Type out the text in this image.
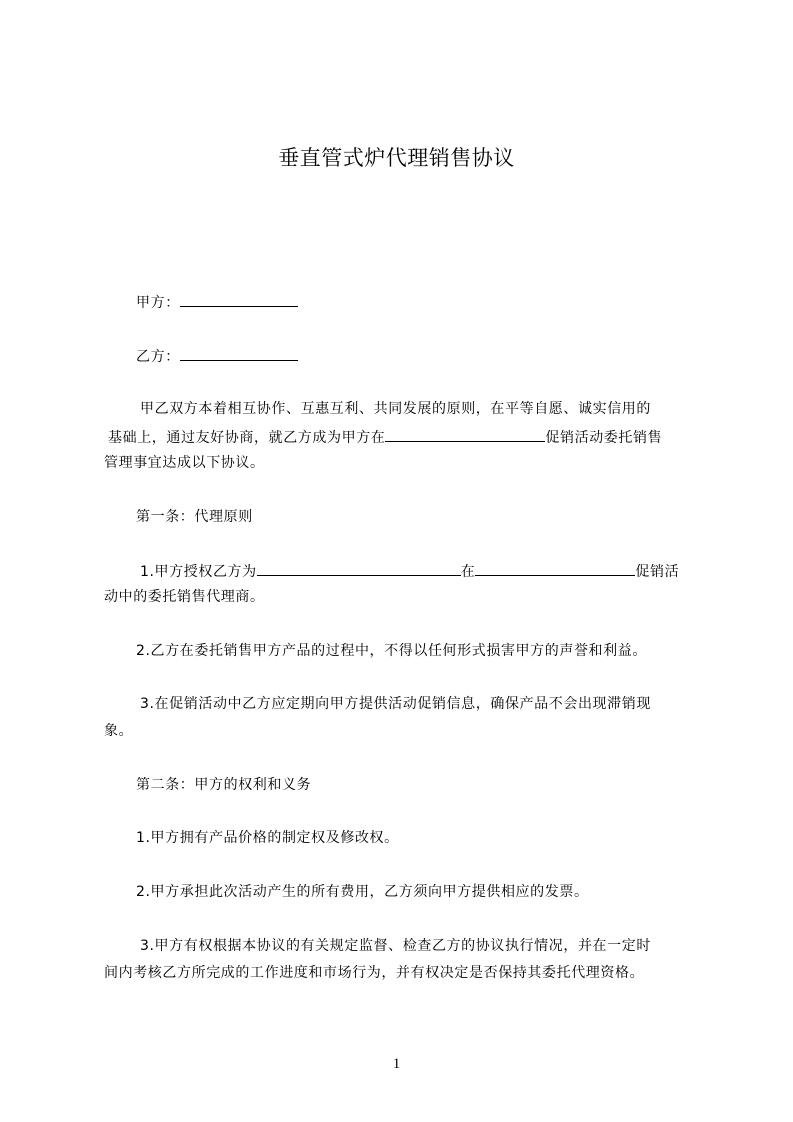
垂直管式炉代理销售协议
甲方：
乙方：
甲乙双方本着相互协作、互惠互利、共同发展的原则，在平等自愿、诚实信用的
基础上，通过友好协商，就乙方成为甲方在	促销活动委托销售
管理事宜达成以下协议。
第一条：代理原则
1.甲方授权乙方为	在	促销活
动中的委托销售代理商。
2.乙方在委托销售甲方产品的过程中，不得以任何形式损害甲方的声誉和利益。
3.在促销活动中乙方应定期向甲方提供活动促销信息，确保产品不会出现滞销现
象。
第二条：甲方的权利和义务
1.甲方拥有产品价格的制定权及修改权。
2.甲方承担此次活动产生的所有费用，乙方须向甲方提供相应的发票。
3.甲方有权根据本协议的有关规定监督、检查乙方的协议执行情况，并在一定时
间内考核乙方所完成的工作进度和市场行为，并有权决定是否保持其委托代理资格。
1
